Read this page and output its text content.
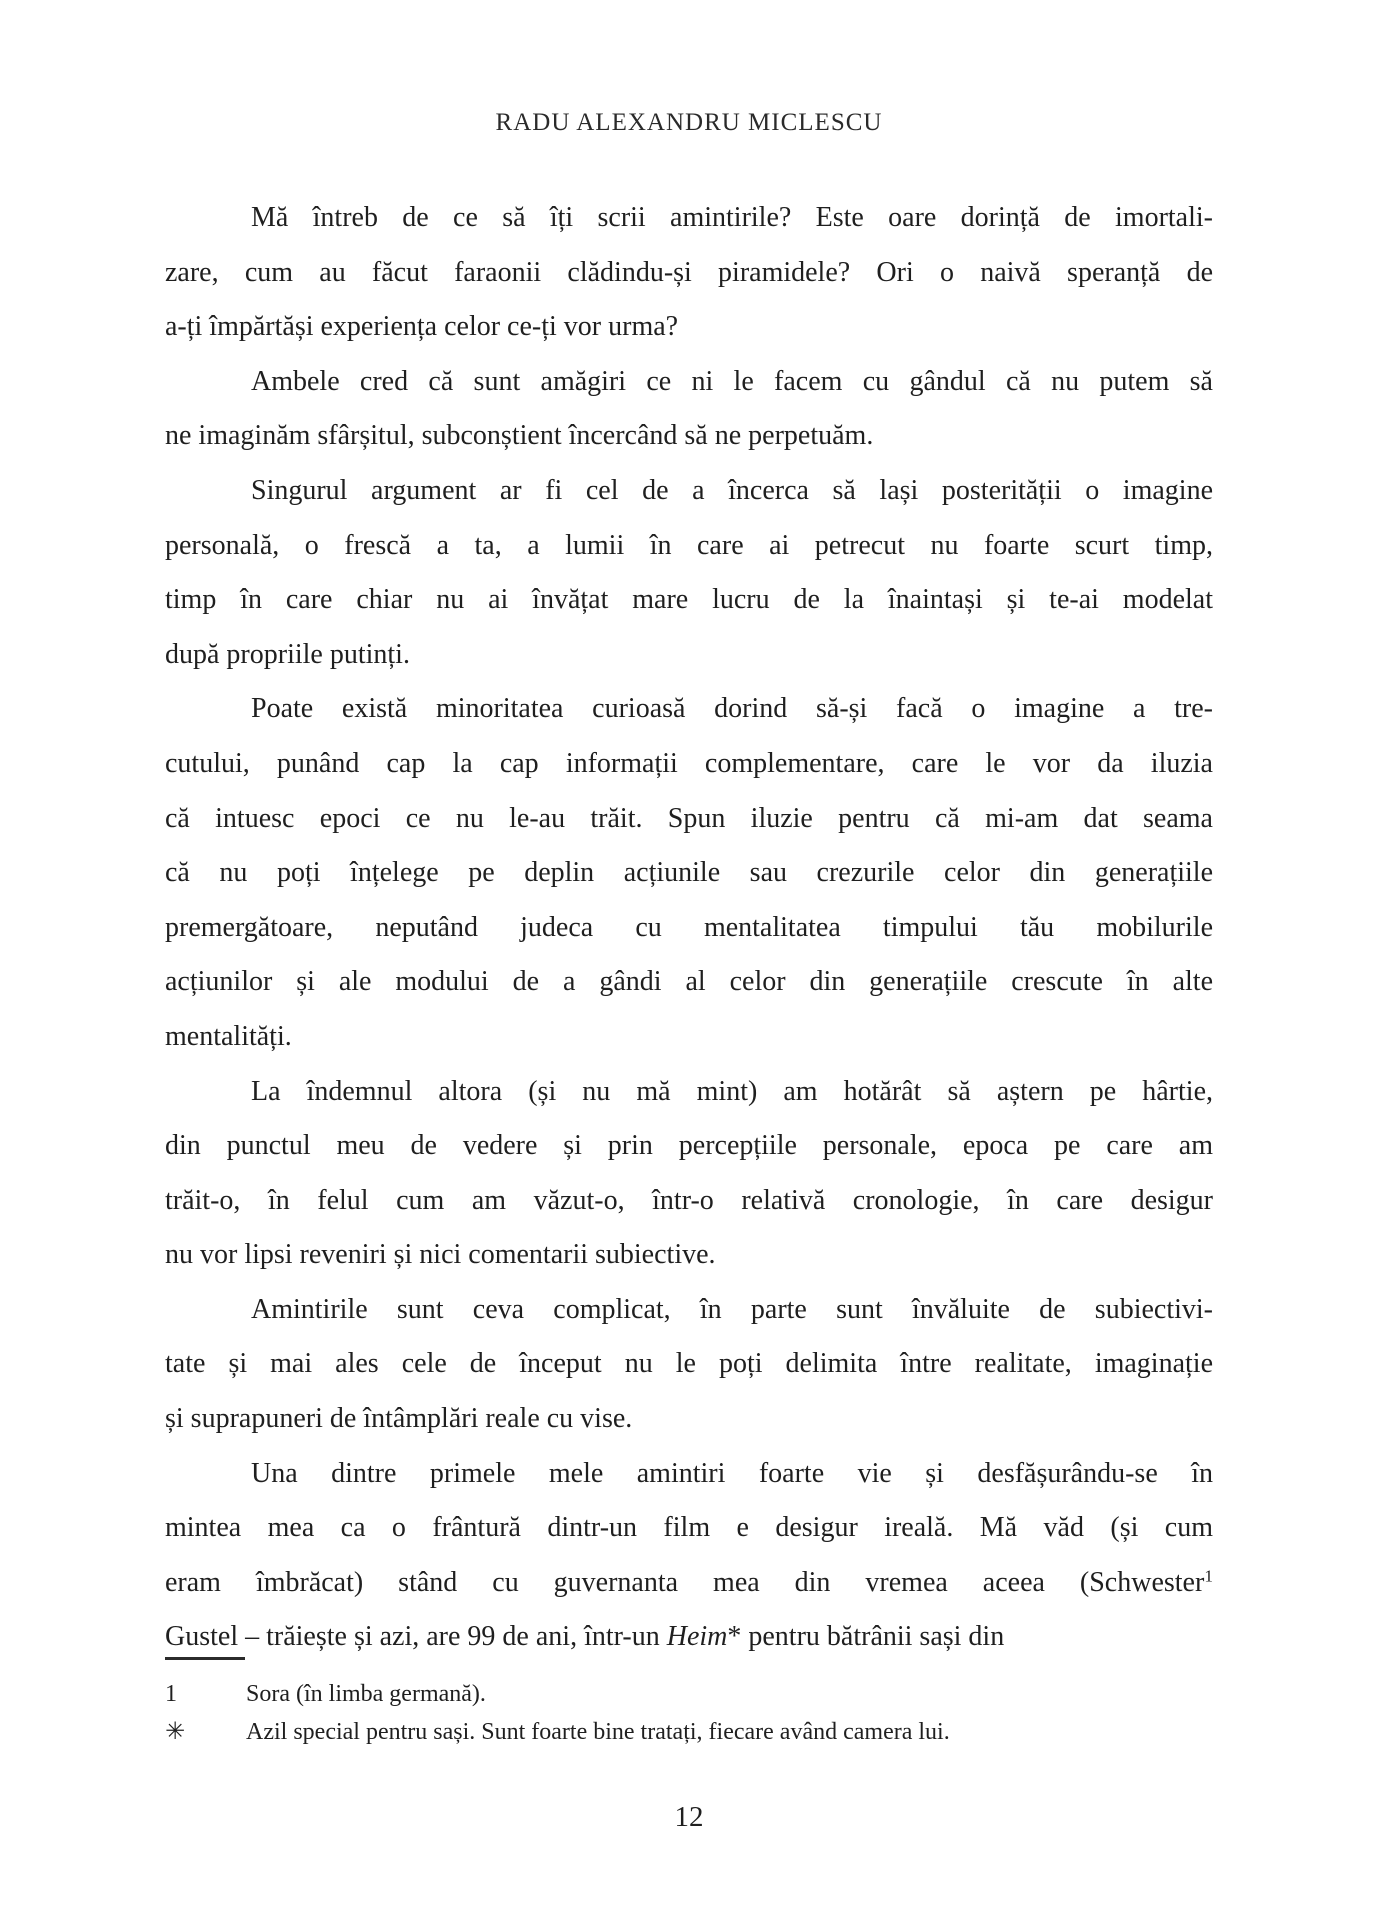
RADU ALEXANDRU MICLESCU
Mă întreb de ce să îți scrii amintirile? Este oare dorință de imortali-
zare, cum au făcut faraonii clădindu-și piramidele? Ori o naivă speranță de
a-ți împărtăși experiența celor ce-ți vor urma?
Ambele cred că sunt amăgiri ce ni le facem cu gândul că nu putem să
ne imaginăm sfârșitul, subconștient încercând să ne perpetuăm.
Singurul argument ar fi cel de a încerca să lași posterității o imagine
personală, o frescă a ta, a lumii în care ai petrecut nu foarte scurt timp,
timp în care chiar nu ai învățat mare lucru de la înaintași și te-ai modelat
după propriile putinți.
Poate există minoritatea curioasă dorind să-și facă o imagine a tre-
cutului, punând cap la cap informații complementare, care le vor da iluzia
că intuesc epoci ce nu le-au trăit. Spun iluzie pentru că mi-am dat seama
că nu poți înțelege pe deplin acțiunile sau crezurile celor din generațiile
premergătoare, neputând judeca cu mentalitatea timpului tău mobilurile
acțiunilor și ale modului de a gândi al celor din generațiile crescute în alte
mentalități.
La îndemnul altora (și nu mă mint) am hotărât să aștern pe hârtie,
din punctul meu de vedere și prin percepțiile personale, epoca pe care am
trăit-o, în felul cum am văzut-o, într-o relativă cronologie, în care desigur
nu vor lipsi reveniri și nici comentarii subiective.
Amintirile sunt ceva complicat, în parte sunt învăluite de subiectivi-
tate și mai ales cele de început nu le poți delimita între realitate, imaginație
și suprapuneri de întâmplări reale cu vise.
Una dintre primele mele amintiri foarte vie și desfășurându-se în
mintea mea ca o frântură dintr-un film e desigur ireală. Mă văd (și cum
eram îmbrăcat) stând cu guvernanta mea din vremea aceea (Schwester$^1$
Gustel – trăiește și azi, are 99 de ani, într-un Heim* pentru bătrânii sași din
1	Sora (în limba germană).
✳	Azil special pentru sași. Sunt foarte bine tratați, fiecare având camera lui.
12
